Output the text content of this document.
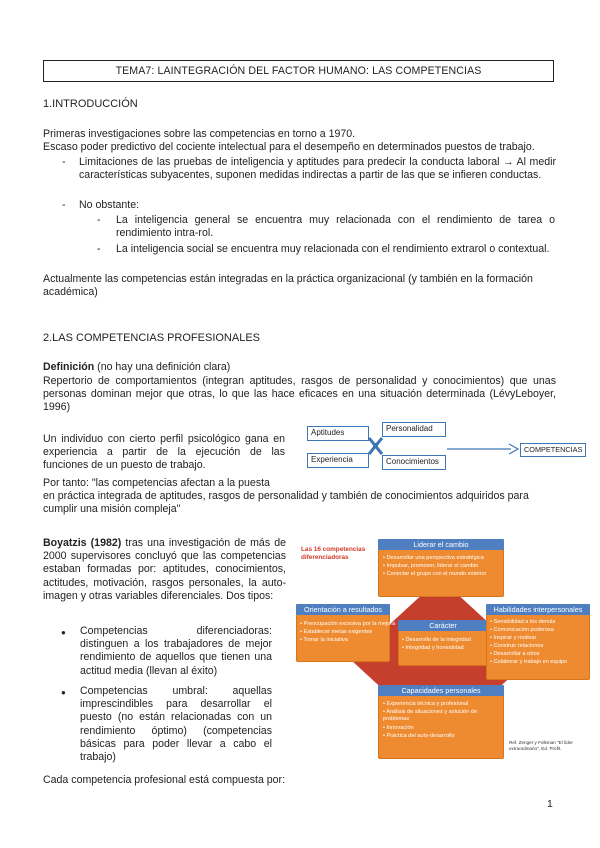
TEMA7: LAINTEGRACIÓN DEL FACTOR HUMANO: LAS COMPETENCIAS
1.INTRODUCCIÓN
Primeras investigaciones sobre las competencias en torno a 1970.
Escaso poder predictivo del cociente intelectual para el desempeño en determinados puestos de trabajo.
- Limitaciones de las pruebas de inteligencia y aptitudes para predecir la conducta laboral → Al medir características subyacentes, suponen medidas indirectas a partir de las que se infieren conductas.
- No obstante:
- La inteligencia general se encuentra muy relacionada con el rendimiento de tarea o rendimiento intra-rol.
- La inteligencia social se encuentra muy relacionada con el rendimiento extrarol o contextual.
Actualmente las competencias están integradas en la práctica organizacional (y también en la formación académica)
2.LAS COMPETENCIAS PROFESIONALES
Definición (no hay una definición clara)
Repertorio de comportamientos (integran aptitudes, rasgos de personalidad y conocimientos) que unas personas dominan mejor que otras, lo que las hace eficaces en una situación determinada (LévyLeboyer, 1996)
Un individuo con cierto perfil psicológico gana en experiencia a partir de la ejecución de las funciones de un puesto de trabajo.
Por tanto: "las competencias afectan a la puesta
en práctica integrada de aptitudes, rasgos de personalidad y también de conocimientos adquiridos para cumplir una misión compleja"
Aptitudes	Personalidad
Experiencia	Conocimientos
COMPETENCIAS
Boyatzis (1982) tras una investigación de más de 2000 supervisores concluyó que las competencias estaban formadas por: aptitudes, conocimientos, actitudes, motivación, rasgos personales, la auto-imagen y otras variables diferenciales. Dos tipos:
● Competencias diferenciadoras: distinguen a los trabajadores de mejor rendimiento de aquellos que tienen una actitud media (llevan al éxito)
● Competencias umbral: aquellas imprescindibles para desarrollar el puesto (no están relacionadas con un rendimiento óptimo) (competencias básicas para poder llevar a cabo el trabajo)
Cada competencia profesional está compuesta por:
Las 16 competencias diferenciadoras
Liderar el cambio
• Desarrollar una perspectiva estratégica
• Impulsar, promover, liderar el cambio
• Conectar el grupo con el mundo exterior
Orientación a resultados
• Preocupación excesiva por la mejora
• Establecer metas exigentes
• Tomar la iniciativa
Carácter
• Desarrollo de la integridad
• Integridad y honestidad
Habilidades interpersonales
• Sensibilidad a los demás
• Comunicación poderosa
• Inspirar y motivar
• Construir relaciones
• Desarrollar a otros
• Colaborar y trabajo en equipo
Capacidades personales
• Experiencia técnica y profesional
• Análisis de situaciones y solución de problemas
• Innovación
• Práctica del auto-desarrollo
Ref. Zenger y Folkman "El líder extraordinario", Ed. Profit.
1
